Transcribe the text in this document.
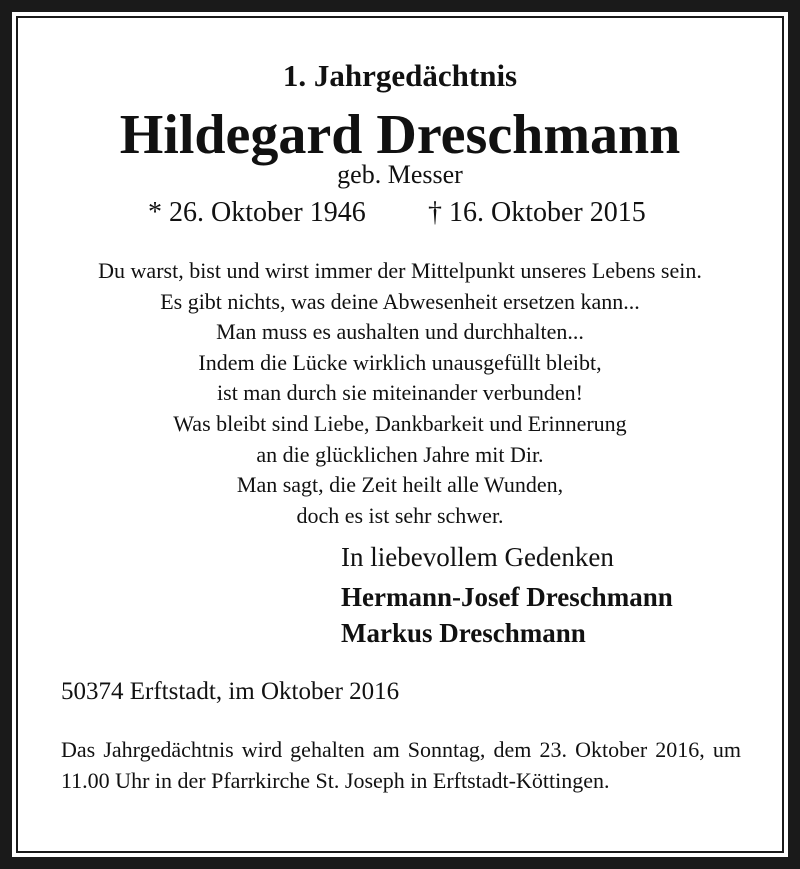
1. Jahrgedächtnis
Hildegard Dreschmann
geb. Messer
* 26. Oktober 1946 † 16. Oktober 2015
Du warst, bist und wirst immer der Mittelpunkt unseres Lebens sein.
Es gibt nichts, was deine Abwesenheit ersetzen kann...
Man muss es aushalten und durchhalten...
Indem die Lücke wirklich unausgefüllt bleibt,
ist man durch sie miteinander verbunden!
Was bleibt sind Liebe, Dankbarkeit und Erinnerung
an die glücklichen Jahre mit Dir.
Man sagt, die Zeit heilt alle Wunden,
doch es ist sehr schwer.
In liebevollem Gedenken
Hermann-Josef Dreschmann
Markus Dreschmann
50374 Erftstadt, im Oktober 2016
Das Jahrgedächtnis wird gehalten am Sonntag, dem 23. Oktober 2016, um 11.00 Uhr in der Pfarrkirche St. Joseph in Erftstadt-Köttingen.
